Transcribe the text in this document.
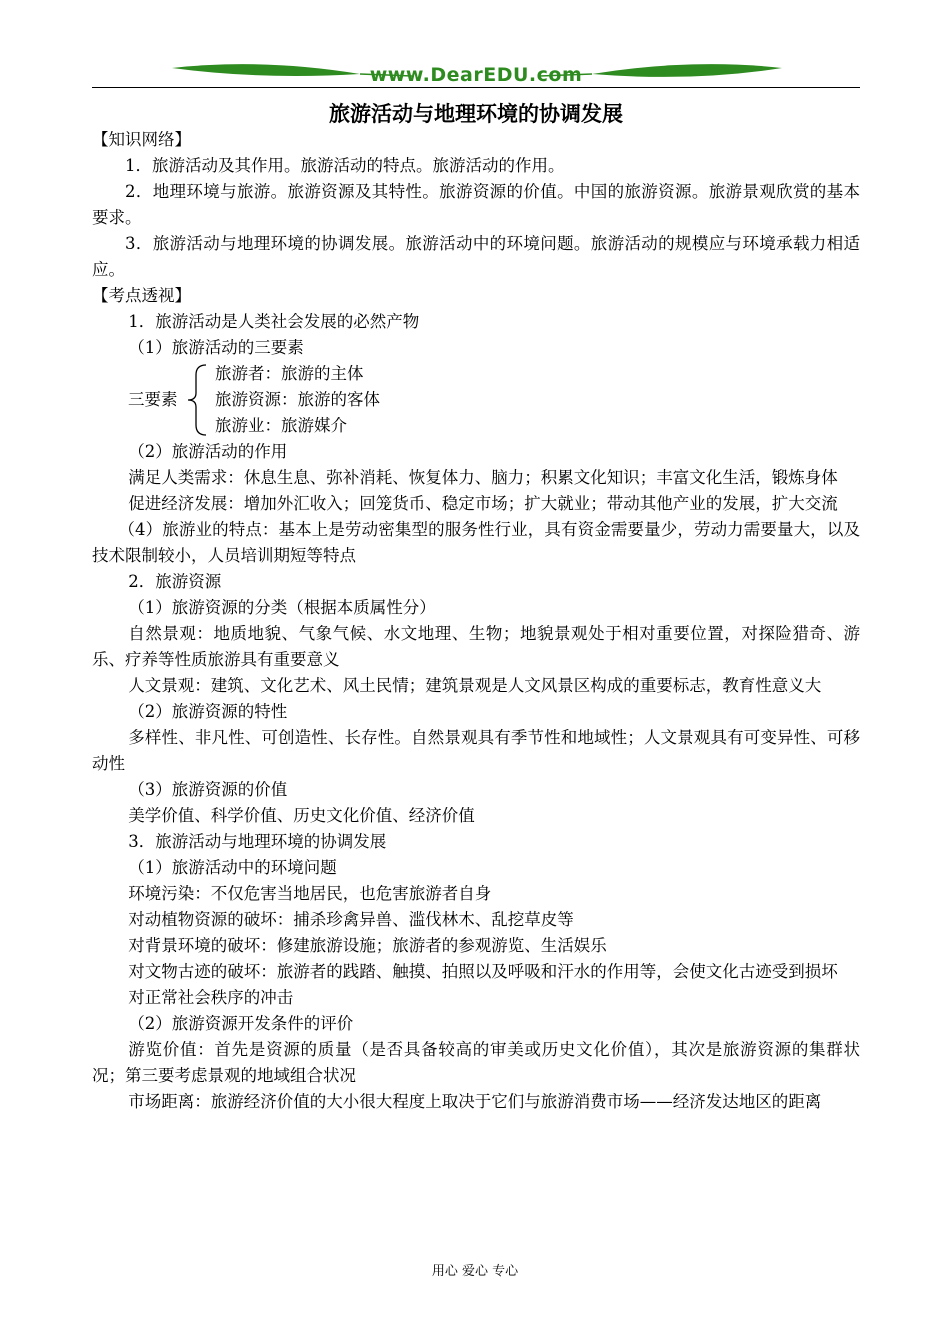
www.DearEDU.com
旅游活动与地理环境的协调发展

【知识网络】

1．旅游活动及其作用。旅游活动的特点。旅游活动的作用。

2．地理环境与旅游。旅游资源及其特性。旅游资源的价值。中国的旅游资源。旅游景观欣赏的基本要求。

3．旅游活动与地理环境的协调发展。旅游活动中的环境问题。旅游活动的规模应与环境承载力相适应。

【考点透视】

1．旅游活动是人类社会发展的必然产物

（1）旅游活动的三要素

三要素
旅游者：旅游的主体
旅游资源：旅游的客体
旅游业：旅游媒介

（2）旅游活动的作用

满足人类需求：休息生息、弥补消耗、恢复体力、脑力；积累文化知识；丰富文化生活，锻炼身体

促进经济发展：增加外汇收入；回笼货币、稳定市场；扩大就业；带动其他产业的发展，扩大交流

（4）旅游业的特点：基本上是劳动密集型的服务性行业，具有资金需要量少，劳动力需要量大，以及技术限制较小，人员培训期短等特点

2．旅游资源

（1）旅游资源的分类（根据本质属性分）

自然景观：地质地貌、气象气候、水文地理、生物；地貌景观处于相对重要位置，对探险猎奇、游乐、疗养等性质旅游具有重要意义

人文景观：建筑、文化艺术、风土民情；建筑景观是人文风景区构成的重要标志，教育性意义大

（2）旅游资源的特性

多样性、非凡性、可创造性、长存性。自然景观具有季节性和地域性；人文景观具有可变异性、可移动性

（3）旅游资源的价值

美学价值、科学价值、历史文化价值、经济价值

3．旅游活动与地理环境的协调发展

（1）旅游活动中的环境问题

环境污染：不仅危害当地居民，也危害旅游者自身

对动植物资源的破坏：捕杀珍禽异兽、滥伐林木、乱挖草皮等

对背景环境的破坏：修建旅游设施；旅游者的参观游览、生活娱乐

对文物古迹的破坏：旅游者的践踏、触摸、拍照以及呼吸和汗水的作用等，会使文化古迹受到损坏

对正常社会秩序的冲击

（2）旅游资源开发条件的评价

游览价值：首先是资源的质量（是否具备较高的审美或历史文化价值），其次是旅游资源的集群状况；第三要考虑景观的地域组合状况

市场距离：旅游经济价值的大小很大程度上取决于它们与旅游消费市场——经济发达地区的距离

用心 爱心 专心
